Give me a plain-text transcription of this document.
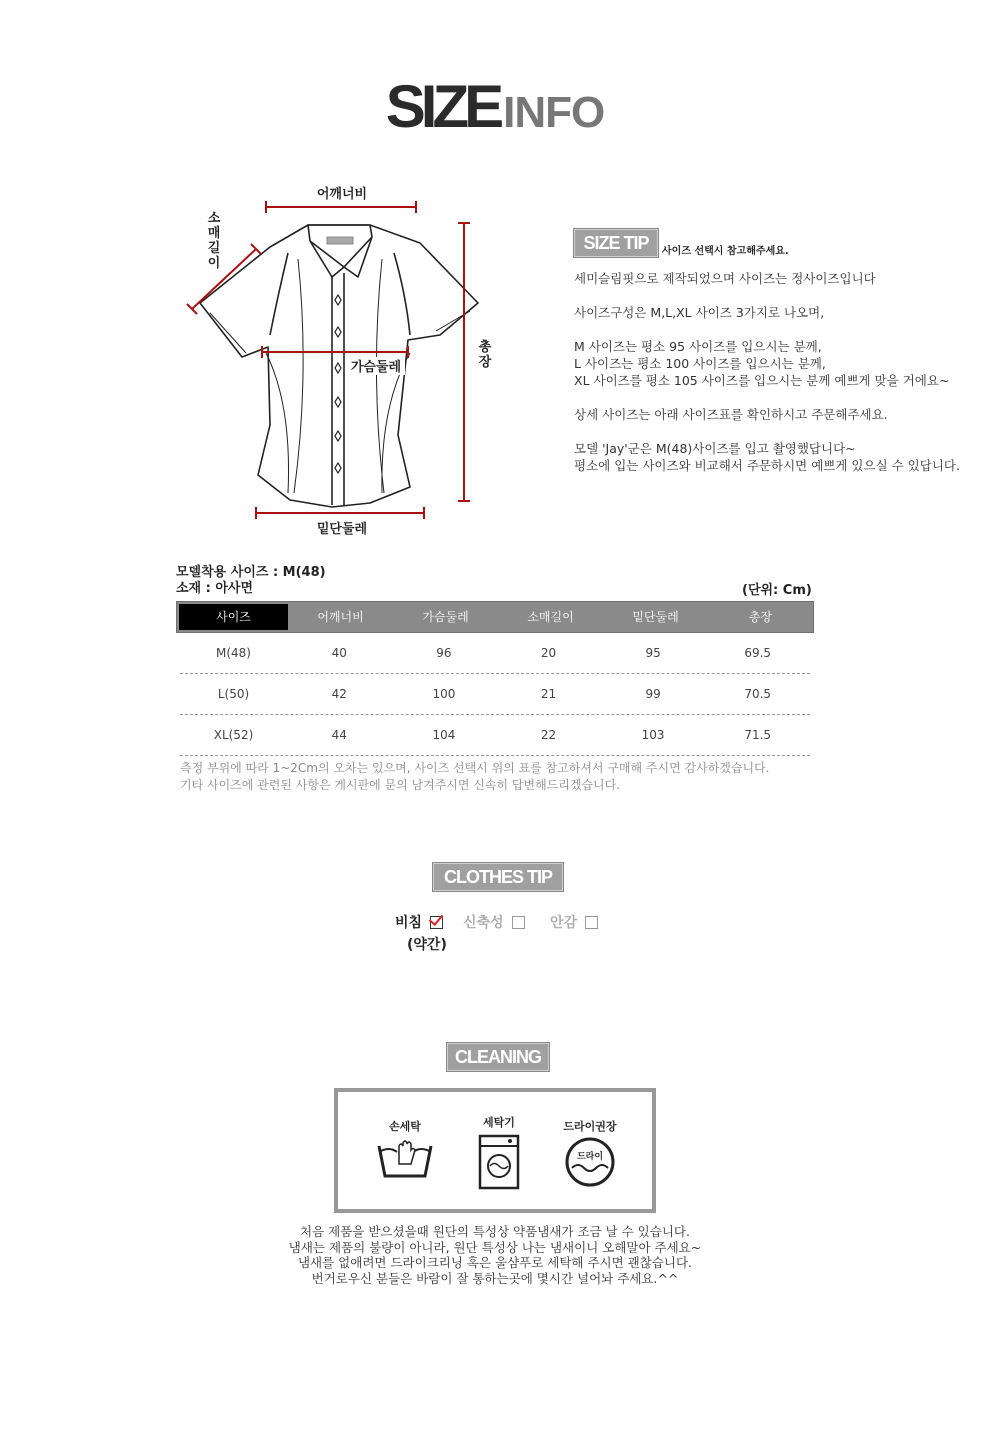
SIZEINFO
어깨너비
소
매
길
이
가슴둘레
총
장
밑단둘레
SIZE TIP	사이즈 선택시 참고해주세요.
세미슬림핏으로 제작되었으며 사이즈는 정사이즈입니다
사이즈구성은 M,L,XL 사이즈 3가지로 나오며,
M 사이즈는 평소 95 사이즈를 입으시는 분께,
L 사이즈는 평소 100 사이즈를 입으시는 분께,
XL 사이즈를 평소 105 사이즈를 입으시는 분께 예쁘게 맞을 거에요~
상세 사이즈는 아래 사이즈표를 확인하시고 주문해주세요.
모델 'Jay'군은 M(48)사이즈를 입고 촬영했답니다~
평소에 입는 사이즈와 비교해서 주문하시면 예쁘게 있으실 수 있답니다.
모델착용 사이즈 : M(48)
소재 : 아사면	(단위: Cm)
사이즈	어깨너비	가슴둘레	소매길이	밑단둘레	총장
M(48)	40	96	20	95	69.5
L(50)	42	100	21	99	70.5
XL(52)	44	104	22	103	71.5
측정 부위에 따라 1~2Cm의 오차는 있으며, 사이즈 선택시 위의 표를 참고하셔서 구매해 주시면 감사하겠습니다.
기타 사이즈에 관련된 사항은 게시판에 문의 남겨주시면 신속히 답변해드리겠습니다.
CLOTHES TIP
비침
(약간)
신축성	안감
CLEANING
손세탁	세탁기	드라이권장
드라이
처음 제품을 받으셨을때 원단의 특성상 약품냄새가 조금 날 수 있습니다.
냄새는 제품의 불량이 아니라, 원단 특성상 나는 냄새이니 오해말아 주세요~
냄새를 없애려면 드라이크리닝 혹은 울샴푸로 세탁해 주시면 괜찮습니다.
번거로우신 분들은 바람이 잘 통하는곳에 몇시간 널어놔 주세요.^^
